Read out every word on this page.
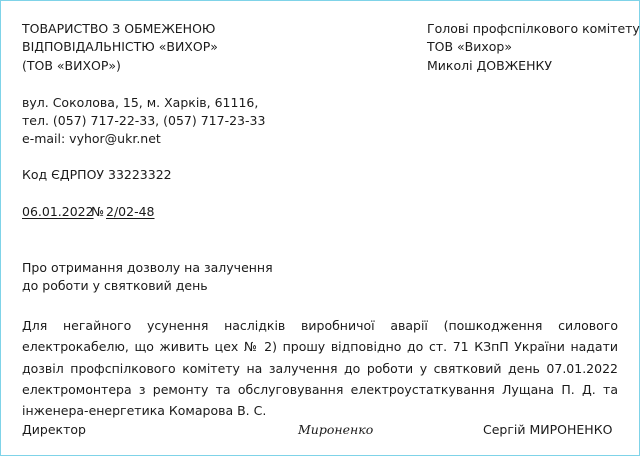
ТОВАРИСТВО З ОБМЕЖЕНОЮ
ВІДПОВІДАЛЬНІСТЮ «ВИХОР»
(ТОВ «ВИХОР»)
вул. Соколова, 15, м. Харків, 61116,
тел. (057) 717-22-33, (057) 717-23-33
e-mail: vyhor@ukr.net
Код ЄДРПОУ 33223322
Голові профспілкового комітету
ТОВ «Вихор»
Миколі ДОВЖЕНКУ
06.01.2022
№ 2/02-48
Про отримання дозволу на залучення
до роботи у святковий день
Для негайного усунення наслідків виробничої аварії (пошкодження силового електрокабелю, що живить цех № 2) прошу відповідно до ст. 71 КЗпП України надати дозвіл профспілкового комітету на залучення до роботи у святковий день 07.01.2022 електромонтера з ремонту та обслуговування електроустаткування Лущана П. Д. та інженера-енергетика Комарова В. С.
Директор	Мироненко	Сергій МИРОНЕНКО
